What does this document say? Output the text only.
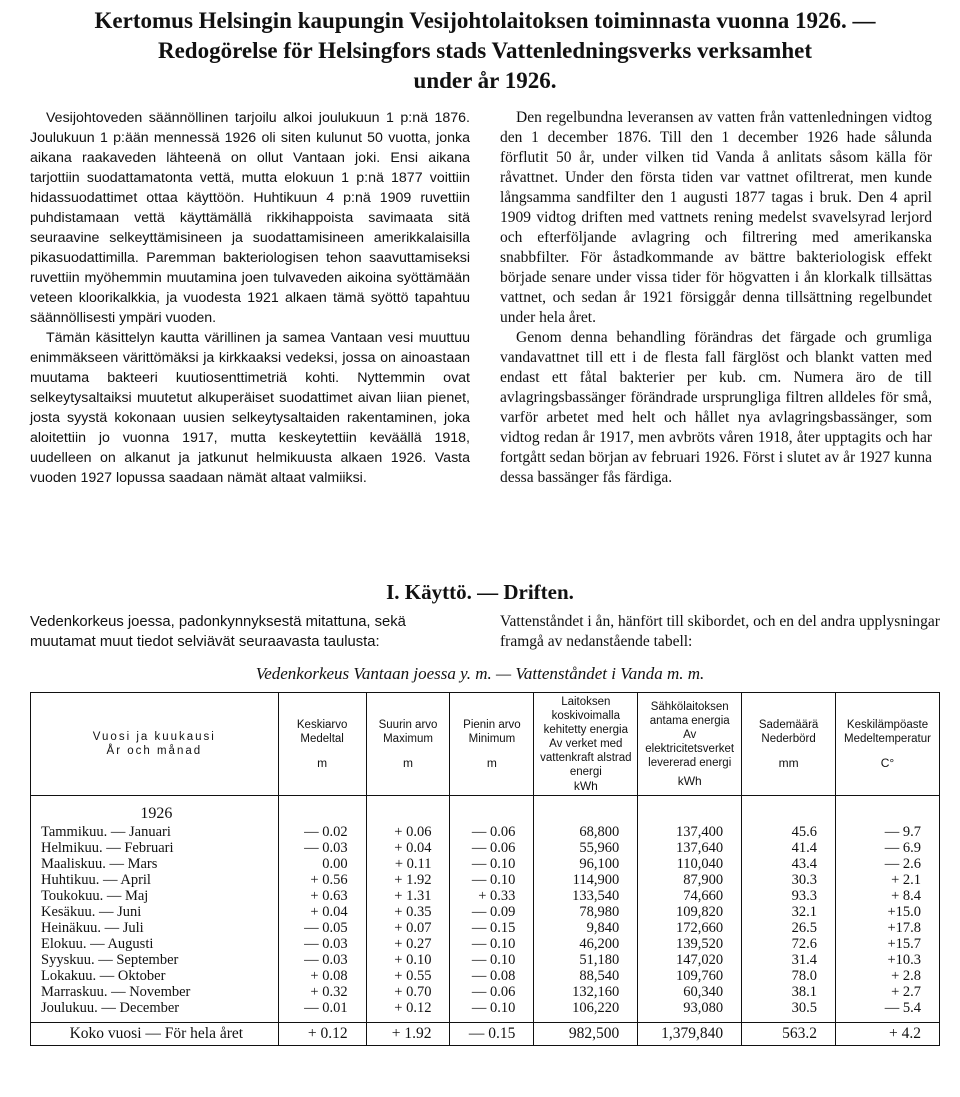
Kertomus Helsingin kaupungin Vesijohtolaitoksen toiminnasta vuonna 1926. —
Redogörelse för Helsingfors stads Vattenledningsverks verksamhet
under år 1926.

Vesijohtoveden säännöllinen tarjoilu alkoi joulukuun 1 p:nä 1876. Joulukuun 1 p:ään mennessä 1926 oli siten kulunut 50 vuotta, jonka aikana raakaveden lähteenä on ollut Vantaan joki. Ensi aikana tarjottiin suodattamatonta vettä, mutta elokuun 1 p:nä 1877 voittiin hidassuodattimet ottaa käyttöön. Huhtikuun 4 p:nä 1909 ruvettiin puhdistamaan vettä käyttämällä rikkihappoista savimaata sitä seuraavine selkeyttämisineen ja suodattamisineen amerikkalaisilla pikasuodattimilla. Paremman bakteriologisen tehon saavuttamiseksi ruvettiin myöhemmin muutamina joen tulvaveden aikoina syöttämään veteen kloorikalkkia, ja vuodesta 1921 alkaen tämä syöttö tapahtuu säännöllisesti ympäri vuoden.

Tämän käsittelyn kautta värillinen ja samea Vantaan vesi muuttuu enimmäkseen värittömäksi ja kirkkaaksi vedeksi, jossa on ainoastaan muutama bakteeri kuutiosenttimetriä kohti. Nyttemmin ovat selkeytysaltaiksi muutetut alkuperäiset suodattimet aivan liian pienet, josta syystä kokonaan uusien selkeytysaltaiden rakentaminen, joka aloitettiin jo vuonna 1917, mutta keskeytettiin keväällä 1918, uudelleen on alkanut ja jatkunut helmikuusta alkaen 1926. Vasta vuoden 1927 lopussa saadaan nämät altaat valmiiksi.

Den regelbundna leveransen av vatten från vattenledningen vidtog den 1 december 1876. Till den 1 december 1926 hade sålunda förflutit 50 år, under vilken tid Vanda å anlitats såsom källa för råvattnet. Under den första tiden var vattnet ofiltrerat, men kunde långsamma sandfilter den 1 augusti 1877 tagas i bruk. Den 4 april 1909 vidtog driften med vattnets rening medelst svavelsyrad lerjord och efterföljande avlagring och filtrering med amerikanska snabbfilter. För åstadkommande av bättre bakteriologisk effekt började senare under vissa tider för högvatten i ån klorkalk tillsättas vattnet, och sedan år 1921 försiggår denna tillsättning regelbundet under hela året.

Genom denna behandling förändras det färgade och grumliga vandavattnet till ett i de flesta fall färglöst och blankt vatten med endast ett fåtal bakterier per kub. cm. Numera äro de till avlagringsbassänger förändrade ursprungliga filtren alldeles för små, varför arbetet med helt och hållet nya avlagringsbassänger, som vidtog redan år 1917, men avbröts våren 1918, åter upptagits och har fortgått sedan början av februari 1926. Först i slutet av år 1927 kunna dessa bassänger fås färdiga.

I. Käyttö. — Driften.
Vedenkorkeus joessa, padonkynnyksestä mitattuna, sekä muutamat muut tiedot selviävät seuraavasta taulusta:
Vattenståndet i ån, hänfört till skibordet, och en del andra upplysningar framgå av nedanstående tabell:
Vedenkorkeus Vantaan joessa y. m. — Vattenståndet i Vanda m. m.
Vuosi ja kuukausi
År och månad	Keskiarvo
Medeltal
m	Suurin arvo
Maximum
m	Pienin arvo
Minimum
m	Laitoksen koskivoimalla kehitetty energia
Av verket med vattenkraft alstrad energi
kWh	Sähkölaitoksen antama energia
Av elektricitetsverket levererad energi
kWh	Sademäärä
Nederbörd
mm	Keskilämpöaste
Medeltemperatur
C°

1926							
Tammikuu. — Januari	— 0.02	+ 0.06	— 0.06	68,800	137,400	45.6	— 9.7
Helmikuu. — Februari	— 0.03	+ 0.04	— 0.06	55,960	137,640	41.4	— 6.9
Maaliskuu. — Mars	0.00	+ 0.11	— 0.10	96,100	110,040	43.4	— 2.6
Huhtikuu. — April	+ 0.56	+ 1.92	— 0.10	114,900	87,900	30.3	+ 2.1
Toukokuu. — Maj	+ 0.63	+ 1.31	+ 0.33	133,540	74,660	93.3	+ 8.4
Kesäkuu. — Juni	+ 0.04	+ 0.35	— 0.09	78,980	109,820	32.1	+15.0
Heinäkuu. — Juli	— 0.05	+ 0.07	— 0.15	9,840	172,660	26.5	+17.8
Elokuu. — Augusti	— 0.03	+ 0.27	— 0.10	46,200	139,520	72.6	+15.7
Syyskuu. — September	— 0.03	+ 0.10	— 0.10	51,180	147,020	31.4	+10.3
Lokakuu. — Oktober	+ 0.08	+ 0.55	— 0.08	88,540	109,760	78.0	+ 2.8
Marraskuu. — November	+ 0.32	+ 0.70	— 0.06	132,160	60,340	38.1	+ 2.7
Joulukuu. — December	— 0.01	+ 0.12	— 0.10	106,220	93,080	30.5	— 5.4
Koko vuosi — För hela året	+ 0.12	+ 1.92	— 0.15	982,500	1,379,840	563.2	+ 4.2
